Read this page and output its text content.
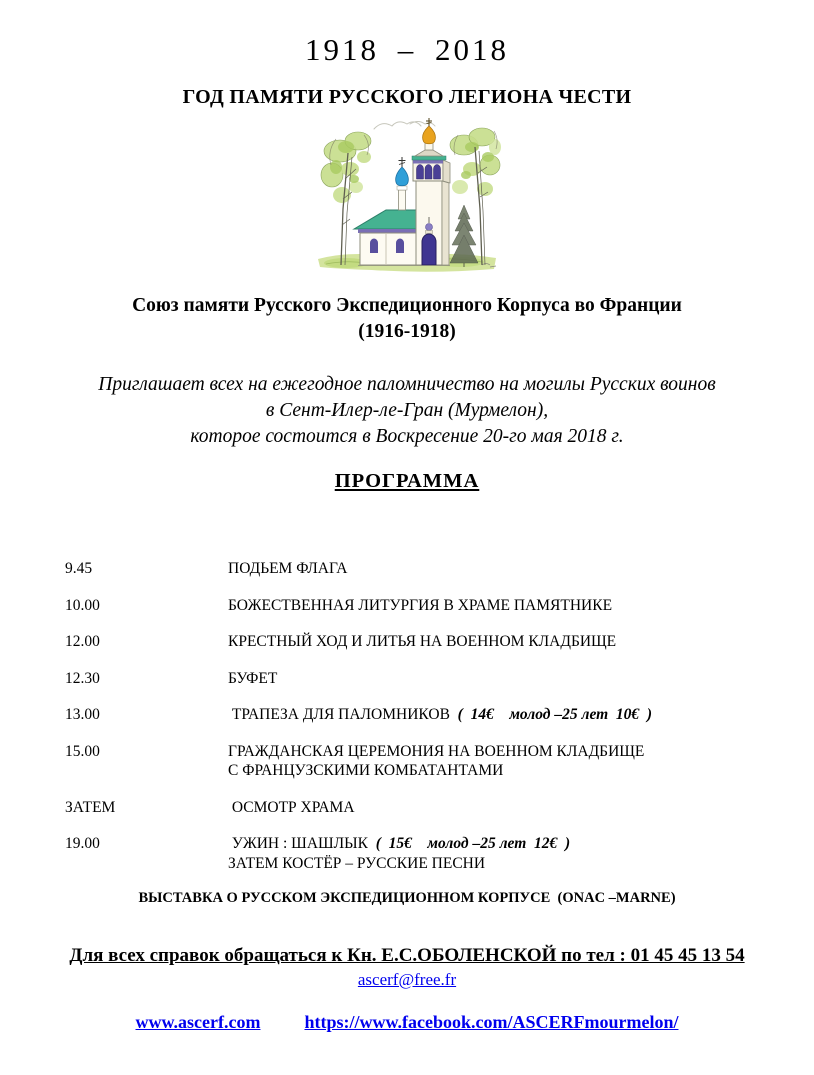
1918 – 2018
ГОД ПАМЯТИ РУССКОГО ЛЕГИОНА ЧЕСТИ
Союз памяти Русского Экспедиционного Корпуса во Франции
(1916-1918)
Приглашает всех на ежегодное паломничество на могилы Русских воинов
в Сент-Илер-ле-Гран (Мурмелон),
которое состоится в Воскресение 20-го мая 2018 г.
ПРОГРАММА
9.45	ПОДЬЕМ ФЛАГА
10.00	БОЖЕСТВЕННАЯ ЛИТУРГИЯ В ХРАМЕ ПАМЯТНИКЕ
12.00	КРЕСТНЫЙ ХОД И ЛИТЬЯ НА ВОЕННОМ КЛАДБИЩЕ
12.30	БУФЕТ
13.00	ТРАПЕЗА ДЛЯ ПАЛОМНИКОВ  (  14€    молод –25 лет  10€  )
15.00	ГРАЖДАНСКАЯ ЦЕРЕМОНИЯ НА ВОЕННОМ КЛАДБИЩЕ
С ФРАНЦУЗСКИМИ КОМБАТАНТАМИ
ЗАТЕМ	ОСМОТР ХРАМА
19.00	УЖИН : ШАШЛЫК  (  15€    молод –25 лет  12€  )
ЗАТЕМ КОСТЁР – РУССКИЕ ПЕСНИ
ВЫСТАВКА О РУССКОМ ЭКСПЕДИЦИОННОМ КОРПУСЕ  (ONAC –MARNE)
Для всех справок обращаться к Кн. Е.С.ОБОЛЕНСКОЙ по тел : 01 45 45 13 54
ascerf@free.fr
www.ascerf.com https://www.facebook.com/ASCERFmourmelon/
